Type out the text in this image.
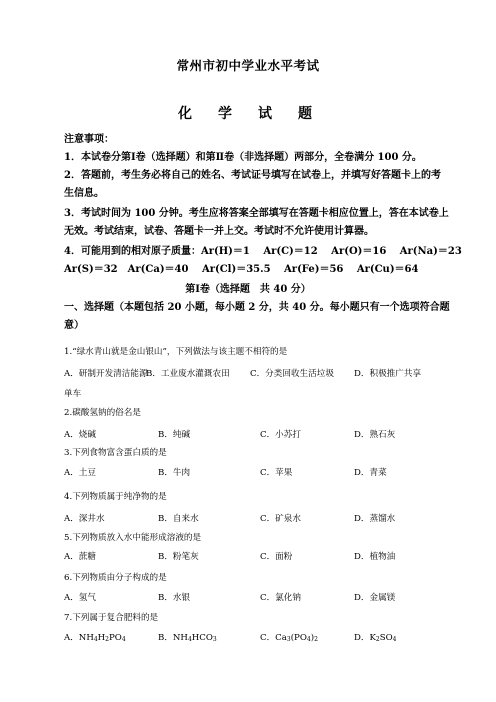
常州市初中学业水平考试
化　学　试　题
注意事项：
1．本试卷分第Ⅰ卷（选择题）和第Ⅱ卷（非选择题）两部分，全卷满分 100 分。
2．答题前，考生务必将自己的姓名、考试证号填写在试卷上，并填写好答题卡上的考
生信息。
3．考试时间为 100 分钟。考生应将答案全部填写在答题卡相应位置上，答在本试卷上
无效。考试结束，试卷、答题卡一并上交。考试时不允许使用计算器。
4．可能用到的相对原子质量：Ar(H)＝1　 Ar(C)＝12　 Ar(O)＝16　 Ar(Na)＝23
Ar(S)＝32　Ar(Ca)＝40　 Ar(Cl)＝35.5　 Ar(Fe)＝56　 Ar(Cu)＝64
第Ⅰ卷（选择题　共 40 分）
一、选择题（本题包括 20 小题，每小题 2 分，共 40 分。每小题只有一个选项符合题
意）
1.“绿水青山就是金山银山”，下列做法与该主题不相符的是
A．研制开发清洁能源
B．工业废水灌溉农田 C．分类回收生活垃圾 D．积极推广共享
单车
2.碳酸氢钠的俗名是
A．烧碱	B．纯碱	C．小苏打	D．熟石灰
3.下列食物富含蛋白质的是
A．土豆	B．牛肉	C．苹果	D．青菜
4.下列物质属于纯净物的是
A．深井水	B．自来水	C．矿泉水	D．蒸馏水
5.下列物质放入水中能形成溶液的是
A．蔗糖	B．粉笔灰	C．面粉	D．植物油
6.下列物质由分子构成的是
A．氢气	B．水银	C．氯化钠	D．金属镁
7.下列属于复合肥料的是
A．NH4H2PO4	B．NH4HCO3	C．Ca3(PO4)2	D．K2SO4
